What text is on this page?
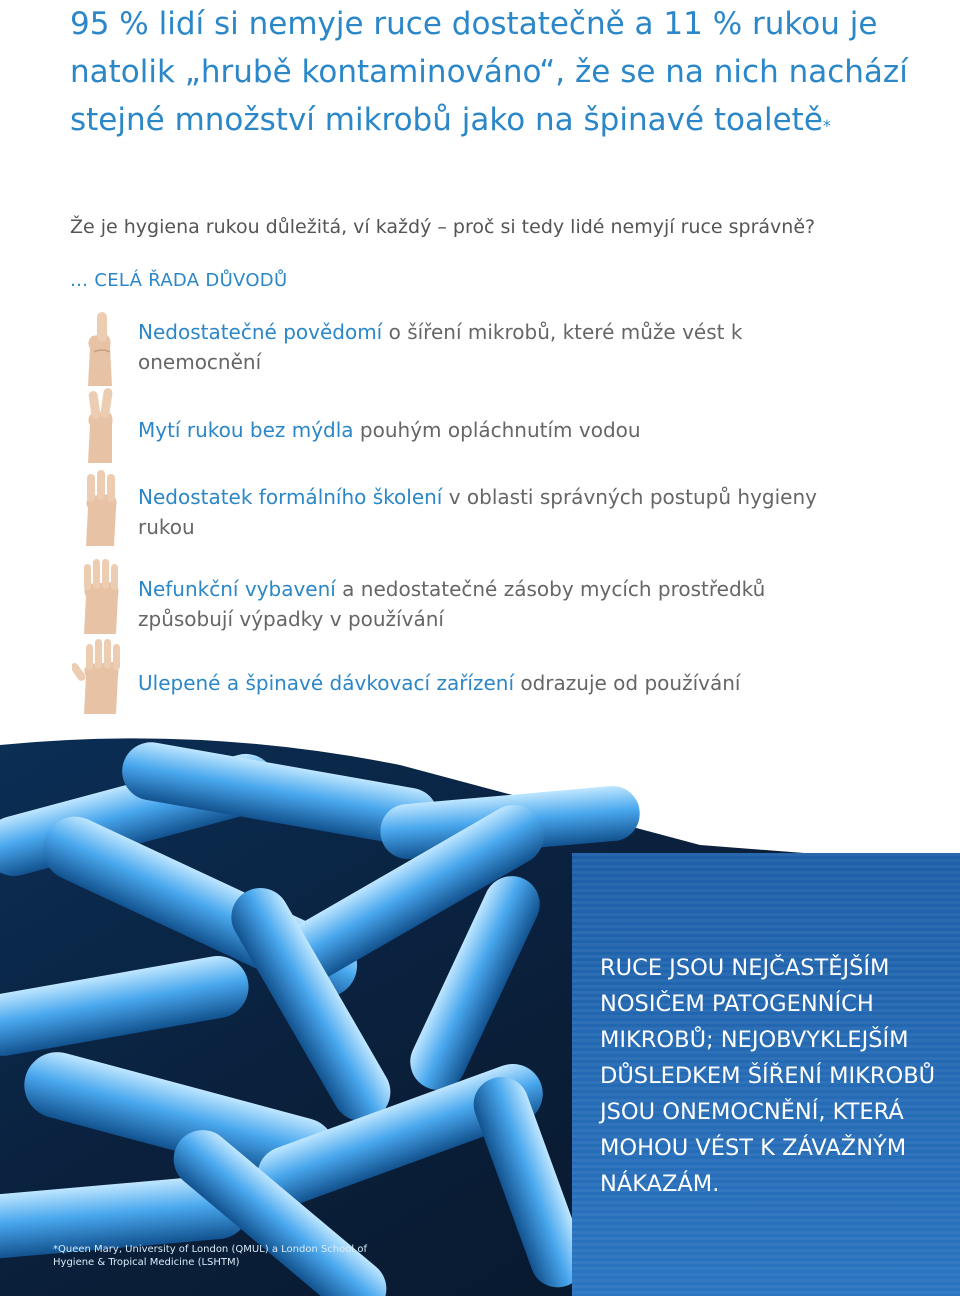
95 % lidí si nemyje ruce dostatečně a 11 % rukou je natolik „hrubě kontaminováno“, že se na nich nachází stejné množství mikrobů jako na špinavé toaletě*

Že je hygiena rukou důležitá, ví každý – proč si tedy lidé nemyjí ruce správně?

… CELÁ ŘADA DŮVODŮ

Nedostatečné povědomí o šíření mikrobů, které může vést k onemocnění

Mytí rukou bez mýdla pouhým opláchnutím vodou

Nedostatek formálního školení v oblasti správných postupů hygieny rukou

Nefunkční vybavení a nedostatečné zásoby mycích prostředků způsobují výpadky v používání

Ulepené a špinavé dávkovací zařízení odrazuje od používání

RUCE JSOU NEJČASTĚJŠÍM NOSIČEM PATOGENNÍCH MIKROBŮ; NEJOBVYKLEJŠÍM DŮSLEDKEM ŠÍŘENÍ MIKROBŮ JSOU ONEMOCNĚNÍ, KTERÁ MOHOU VÉST K ZÁVAŽNÝM NÁKAZÁM.

*Queen Mary, University of London (QMUL) a London School of Hygiene & Tropical Medicine (LSHTM)
